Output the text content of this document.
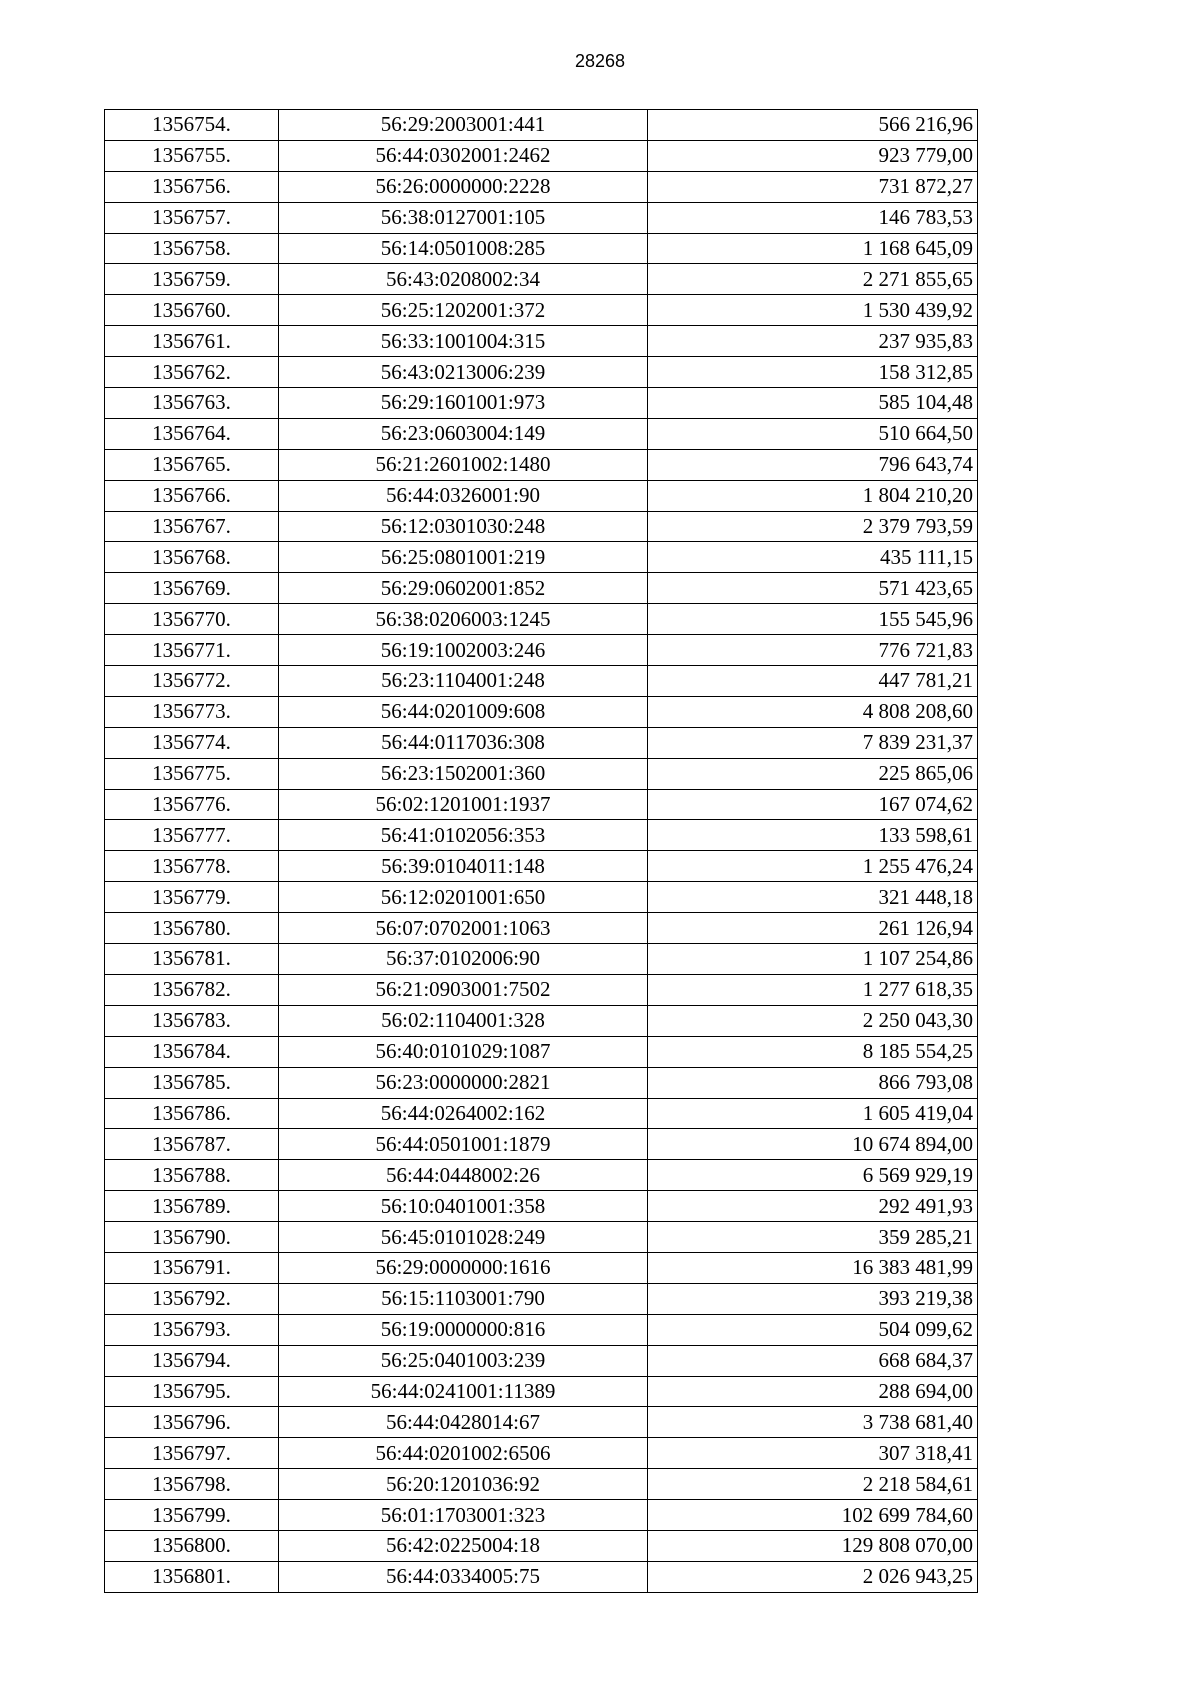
28268
1356754.	56:29:2003001:441	566 216,96
1356755.	56:44:0302001:2462	923 779,00
1356756.	56:26:0000000:2228	731 872,27
1356757.	56:38:0127001:105	146 783,53
1356758.	56:14:0501008:285	1 168 645,09
1356759.	56:43:0208002:34	2 271 855,65
1356760.	56:25:1202001:372	1 530 439,92
1356761.	56:33:1001004:315	237 935,83
1356762.	56:43:0213006:239	158 312,85
1356763.	56:29:1601001:973	585 104,48
1356764.	56:23:0603004:149	510 664,50
1356765.	56:21:2601002:1480	796 643,74
1356766.	56:44:0326001:90	1 804 210,20
1356767.	56:12:0301030:248	2 379 793,59
1356768.	56:25:0801001:219	435 111,15
1356769.	56:29:0602001:852	571 423,65
1356770.	56:38:0206003:1245	155 545,96
1356771.	56:19:1002003:246	776 721,83
1356772.	56:23:1104001:248	447 781,21
1356773.	56:44:0201009:608	4 808 208,60
1356774.	56:44:0117036:308	7 839 231,37
1356775.	56:23:1502001:360	225 865,06
1356776.	56:02:1201001:1937	167 074,62
1356777.	56:41:0102056:353	133 598,61
1356778.	56:39:0104011:148	1 255 476,24
1356779.	56:12:0201001:650	321 448,18
1356780.	56:07:0702001:1063	261 126,94
1356781.	56:37:0102006:90	1 107 254,86
1356782.	56:21:0903001:7502	1 277 618,35
1356783.	56:02:1104001:328	2 250 043,30
1356784.	56:40:0101029:1087	8 185 554,25
1356785.	56:23:0000000:2821	866 793,08
1356786.	56:44:0264002:162	1 605 419,04
1356787.	56:44:0501001:1879	10 674 894,00
1356788.	56:44:0448002:26	6 569 929,19
1356789.	56:10:0401001:358	292 491,93
1356790.	56:45:0101028:249	359 285,21
1356791.	56:29:0000000:1616	16 383 481,99
1356792.	56:15:1103001:790	393 219,38
1356793.	56:19:0000000:816	504 099,62
1356794.	56:25:0401003:239	668 684,37
1356795.	56:44:0241001:11389	288 694,00
1356796.	56:44:0428014:67	3 738 681,40
1356797.	56:44:0201002:6506	307 318,41
1356798.	56:20:1201036:92	2 218 584,61
1356799.	56:01:1703001:323	102 699 784,60
1356800.	56:42:0225004:18	129 808 070,00
1356801.	56:44:0334005:75	2 026 943,25
